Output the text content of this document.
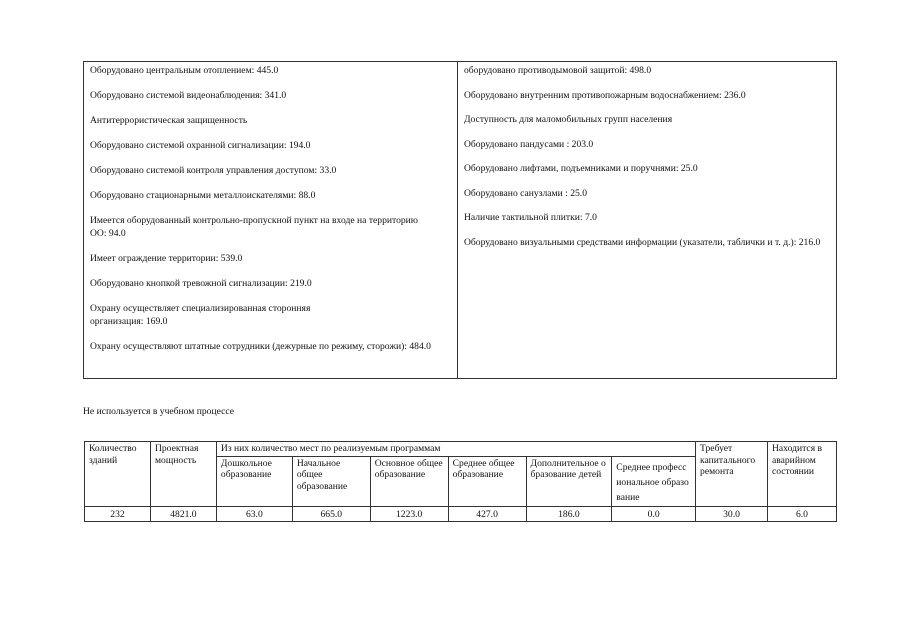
Оборудовано центральным отоплением: 445.0
Оборудовано системой видеонаблюдения: 341.0
Антитеррористическая защищенность
Оборудовано системой охранной сигнализации: 194.0
Оборудовано системой контроля управления доступом: 33.0
Оборудовано стационарными металлоискателями: 88.0
Имеется оборудованный контрольно-пропускной пункт на входе на территорию ОО: 94.0
Имеет ограждение территории: 539.0
Оборудовано кнопкой тревожной сигнализации: 219.0
Охрану осуществляет специализированная сторонняя организация: 169.0
Охрану осуществляют штатные сотрудники (дежурные по режиму, сторожи): 484.0
оборудовано противодымовой защитой: 498.0
Оборудовано внутренним противопожарным водоснабжением: 236.0
Доступность для маломобильных групп населения
Оборудовано пандусами : 203.0
Оборудовано лифтами, подъемниками и поручнями: 25.0
Оборудовано санузлами : 25.0
Наличие тактильной плитки: 7.0
Оборудовано визуальными средствами информации (указатели, таблички и т. д.): 216.0
Не используется в учебном процессе
Количество зданий	Проектная мощность	Из них количество мест по реализуемым программам						Требует капитального ремонта	Находится в аварийном состоянии
		Дошкольное образование	Начальное общее образование	Основное общее образование	Среднее общее образование	Дополнительное образование детей	Среднее профессиональное образование		
232	4821.0	63.0	665.0	1223.0	427.0	186.0	0.0	30.0	6.0
